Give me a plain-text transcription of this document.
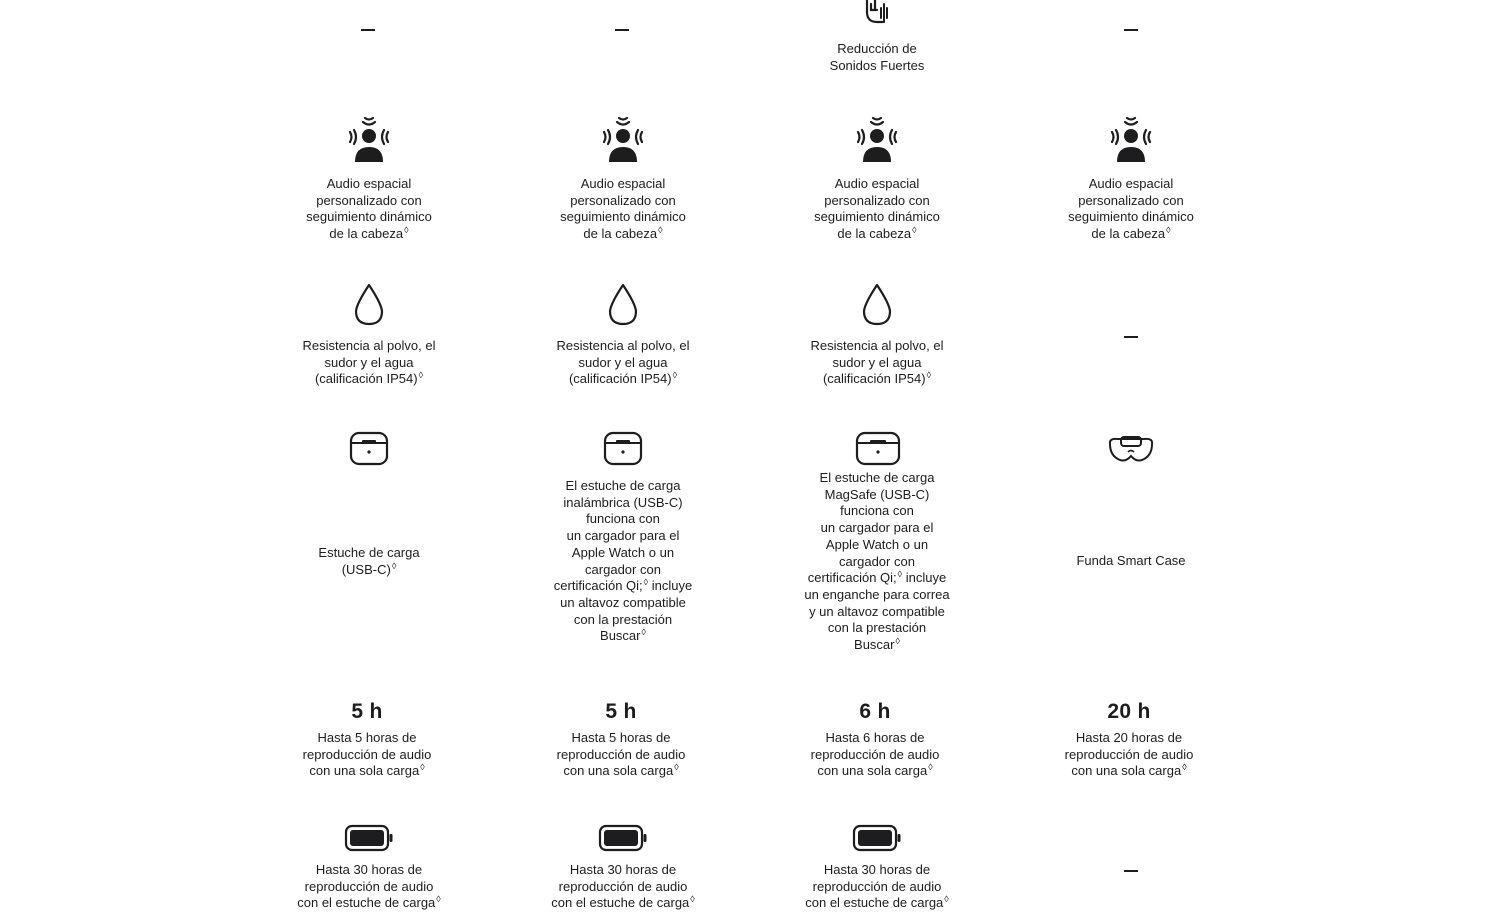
Reducción de
Sonidos Fuertes
Audio espacial
personalizado con
seguimiento dinámico
de la cabeza◊
Audio espacial
personalizado con
seguimiento dinámico
de la cabeza◊
Audio espacial
personalizado con
seguimiento dinámico
de la cabeza◊
Audio espacial
personalizado con
seguimiento dinámico
de la cabeza◊
Resistencia al polvo, el
sudor y el agua
(calificación IP54)◊
Resistencia al polvo, el
sudor y el agua
(calificación IP54)◊
Resistencia al polvo, el
sudor y el agua
(calificación IP54)◊
Estuche de carga
(USB-C)◊
El estuche de carga
inalámbrica (USB-C)
funciona con
un cargador para el
Apple Watch o un
cargador con
certificación Qi;◊ incluye
un altavoz compatible
con la prestación
Buscar◊
El estuche de carga
MagSafe (USB-C)
funciona con
un cargador para el
Apple Watch o un
cargador con
certificación Qi;◊ incluye
un enganche para correa
y un altavoz compatible
con la prestación
Buscar◊
Funda Smart Case
5 h
Hasta 5 horas de
reproducción de audio
con una sola carga◊
5 h
Hasta 5 horas de
reproducción de audio
con una sola carga◊
6 h
Hasta 6 horas de
reproducción de audio
con una sola carga◊
20 h
Hasta 20 horas de
reproducción de audio
con una sola carga◊
Hasta 30 horas de
reproducción de audio
con el estuche de carga◊
Hasta 30 horas de
reproducción de audio
con el estuche de carga◊
Hasta 30 horas de
reproducción de audio
con el estuche de carga◊
